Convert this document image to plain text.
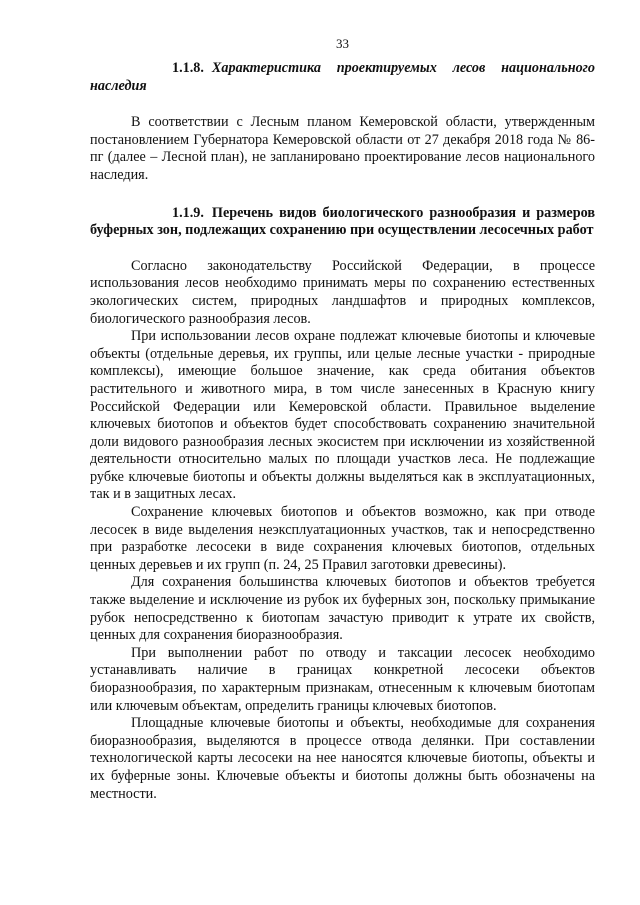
33
1.1.8. Характеристика проектируемых лесов национального наследия

В соответствии с Лесным планом Кемеровской области, утвержденным постановлением Губернатора Кемеровской области от 27 декабря 2018 года № 86-пг (далее – Лесной план), не запланировано проектирование лесов национального наследия.

1.1.9. Перечень видов биологического разнообразия и размеров буферных зон, подлежащих сохранению при осуществлении лесосечных работ

Согласно законодательству Российской Федерации, в процессе использования лесов необходимо принимать меры по сохранению естественных экологических систем, природных ландшафтов и природных комплексов, биологического разнообразия лесов.

При использовании лесов охране подлежат ключевые биотопы и ключевые объекты (отдельные деревья, их группы, или целые лесные участки - природные комплексы), имеющие большое значение, как среда обитания объектов растительного и животного мира, в том числе занесенных в Красную книгу Российской Федерации или Кемеровской области. Правильное выделение ключевых биотопов и объектов будет способствовать сохранению значительной доли видового разнообразия лесных экосистем при исключении из хозяйственной деятельности относительно малых по площади участков леса. Не подлежащие рубке ключевые биотопы и объекты должны выделяться как в эксплуатационных, так и в защитных лесах.

Сохранение ключевых биотопов и объектов возможно, как при отводе лесосек в виде выделения неэксплуатационных участков, так и непосредственно при разработке лесосеки в виде сохранения ключевых биотопов, отдельных ценных деревьев и их групп (п. 24, 25 Правил заготовки древесины).

Для сохранения большинства ключевых биотопов и объектов требуется также выделение и исключение из рубок их буферных зон, поскольку примыкание рубок непосредственно к биотопам зачастую приводит к утрате их свойств, ценных для сохранения биоразнообразия.

При выполнении работ по отводу и таксации лесосек необходимо устанавливать наличие в границах конкретной лесосеки объектов биоразнообразия, по характерным признакам, отнесенным к ключевым биотопам или ключевым объектам, определить границы ключевых биотопов.

Площадные ключевые биотопы и объекты, необходимые для сохранения биоразнообразия, выделяются в процессе отвода делянки. При составлении технологической карты лесосеки на нее наносятся ключевые биотопы, объекты и их буферные зоны. Ключевые объекты и биотопы должны быть обозначены на местности.
